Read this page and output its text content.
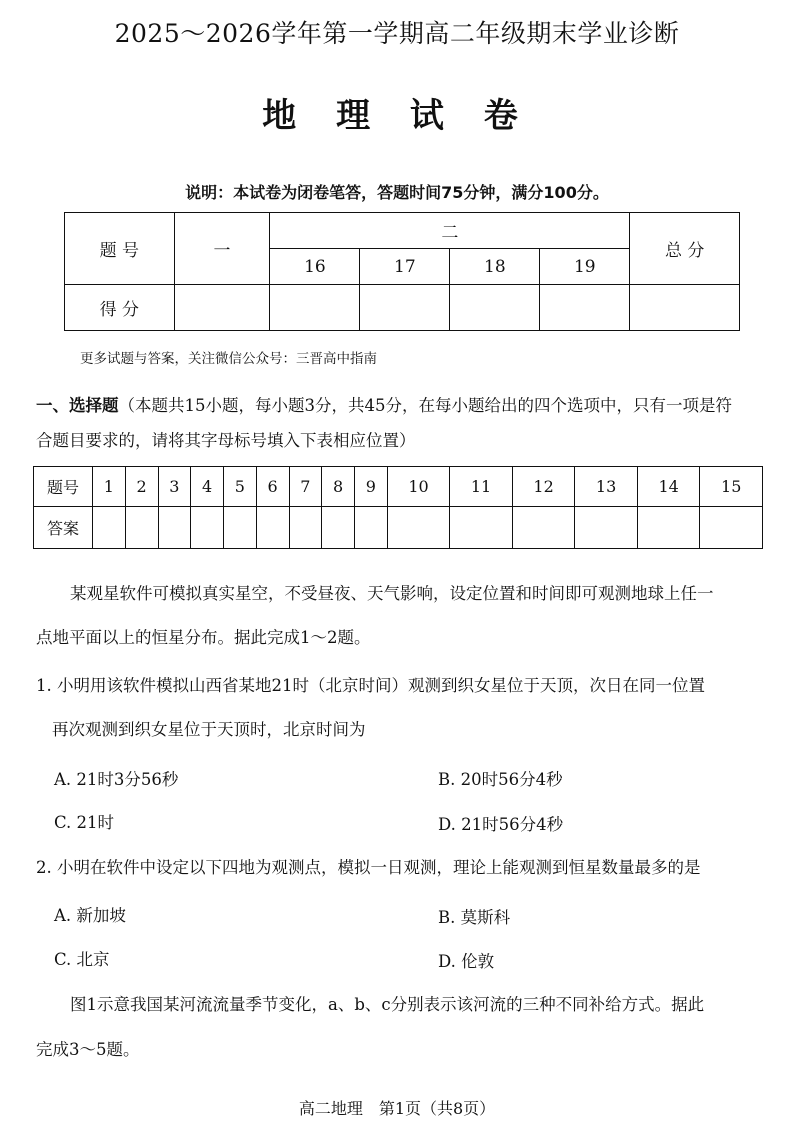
2025～2026学年第一学期高二年级期末学业诊断
地 理 试 卷
说明：本试卷为闭卷笔答，答题时间75分钟，满分100分。
题 号	一	二				总 分
		16	17	18	19	
得 分						
更多试题与答案，关注微信公众号：三晋高中指南
一、选择题（本题共15小题，每小题3分，共45分，在每小题给出的四个选项中，只有一项是符
合题目要求的，请将其字母标号填入下表相应位置）
题号	1	2	3	4	5	6	7	8	9	10	11	12	13	14	15
答案															
某观星软件可模拟真实星空，不受昼夜、天气影响，设定位置和时间即可观测地球上任一
点地平面以上的恒星分布。据此完成1～2题。
1. 小明用该软件模拟山西省某地21时（北京时间）观测到织女星位于天顶，次日在同一位置
再次观测到织女星位于天顶时，北京时间为
A. 21时3分56秒	B. 20时56分4秒
C. 21时	D. 21时56分4秒
2. 小明在软件中设定以下四地为观测点，模拟一日观测，理论上能观测到恒星数量最多的是
A. 新加坡	B. 莫斯科
C. 北京	D. 伦敦
图1示意我国某河流流量季节变化，a、b、c分别表示该河流的三种不同补给方式。据此
完成3～5题。
高二地理　第1页（共8页）
